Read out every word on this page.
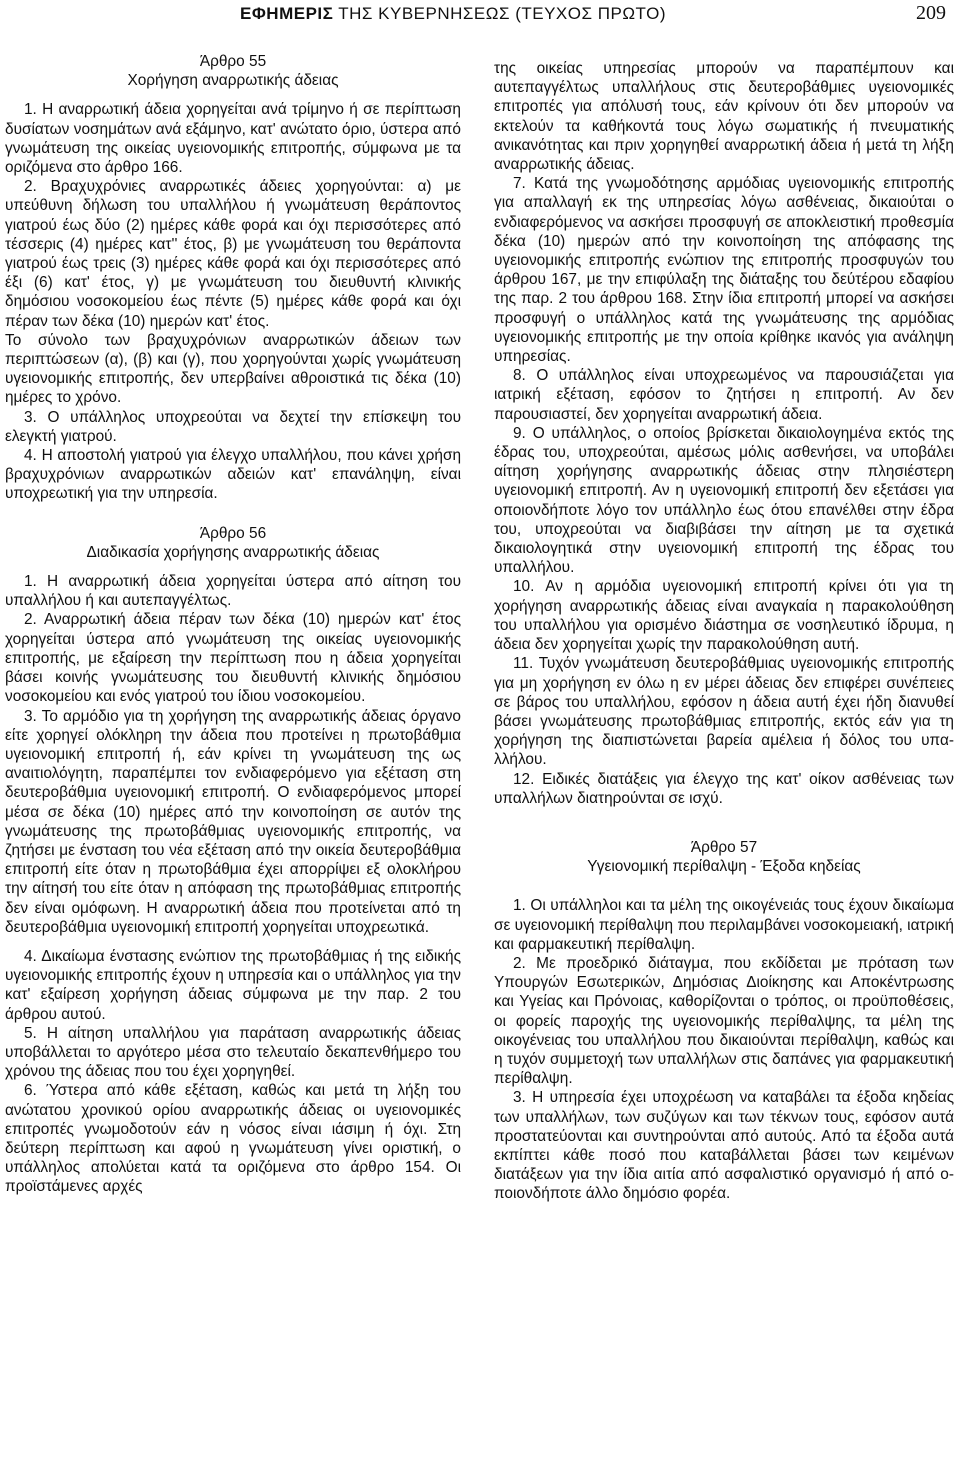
ΕΦΗΜΕΡΙΣ ΤΗΣ ΚΥΒΕΡΝΗΣΕΩΣ (ΤΕΥΧΟΣ ΠΡΩΤΟ)	209

Άρθρο 55

Χορήγηση αναρρωτικής άδειας

1. Η αναρρωτική άδεια χορηγείται ανά τρίμηνο ή σε περίπτωση δυσίατων νοσημάτων ανά εξάμηνο, κατ' ανώτατο όριο, ύστερα από γνωμάτευση της οικείας υγειονομικής επιτροπής, σύμφωνα με τα οριζόμενα στο άρθρο 166.

2. Βραχυχρόνιες αναρρωτικές άδειες χορηγούνται: α) με υπεύθυνη δήλωση του υπαλλήλου ή γνωμάτευση θεράποντος γιατρού έως δύο (2) ημέρες κάθε φορά και όχι περισσότερες από τέσσερις (4) ημέρες κατ'' έτος, β) με γνωμάτευση του θεράποντα γιατρού έως τρεις (3) ημέρες κάθε φορά και όχι περισσότερες από έξι (6) κατ' έτος, γ) με γνωμάτευση του διευθυντή κλινικής δημόσιου νοσοκομείου έως πέντε (5) ημέρες κάθε φορά και όχι πέραν των δέκα (10) ημερών κατ' έτος.

Το σύνολο των βραχυχρόνιων αναρρωτικών άδειων των περιπτώσεων (α), (β) και (γ), που χορηγούνται χωρίς γνωμάτευση υγειονομικής επιτροπής, δεν υπερβαίνει αθροιστικά τις δέκα (10) ημέρες το χρόνο.

3. Ο υπάλληλος υποχρεούται να δεχτεί την επίσκεψη του ελεγκτή γιατρού.

4. Η αποστολή γιατρού για έλεγχο υπαλλήλου, που κάνει χρήση βραχυχρόνιων αναρρωτικών αδειών κατ' επανάληψη, είναι υποχρεωτική για την υπηρεσία.

Άρθρο 56

Διαδικασία χορήγησης αναρρωτικής άδειας

1. Η αναρρωτική άδεια χορηγείται ύστερα από αίτηση του υπαλλήλου ή και αυτεπαγγέλτως.

2. Αναρρωτική άδεια πέραν των δέκα (10) ημερών κατ' έτος χορηγείται ύστερα από γνωμάτευση της οικείας υγειονομικής επιτροπής, με εξαίρεση την περίπτωση που η άδεια χορηγείται βάσει κοινής γνωμάτευσης του διευθυντή κλινικής δημόσιου νοσοκομείου και ενός γιατρού του ίδιου νοσοκομείου.

3. Το αρμόδιο για τη χορήγηση της αναρρωτικής άδειας όργανο είτε χορηγεί ολόκληρη την άδεια που προτείνει η πρωτοβάθμια υγειονομική επιτροπή ή, εάν κρίνει τη γνωμάτευση της ως αναιτιολόγητη, παραπέμπει τον ενδιαφερόμενο για εξέταση στη δευτεροβάθμια υγειονομική επιτροπή. Ο ενδιαφερόμενος μπορεί μέσα σε δέκα (10) ημέρες από την κοινοποίηση σε αυτόν της γνωμάτευσης της πρωτοβάθμιας υγειονομικής επιτροπής, να ζητήσει με ένσταση του νέα εξέταση από την οικεία δευτεροβάθμια επιτροπή είτε όταν η πρωτοβάθμια έχει απορρίψει εξ ολοκλήρου την αίτησή του είτε όταν η απόφαση της πρωτοβάθμιας επιτροπής δεν είναι ομόφωνη. Η αναρρωτική άδεια που προτείνεται από τη δευτεροβάθμια υγειονομική επιτροπή χορηγείται υποχρεωτικά.

4. Δικαίωμα ένστασης ενώπιον της πρωτοβάθμιας ή της ειδικής υγειονομικής επιτροπής έχουν η υπηρεσία και ο υπάλληλος για την κατ' εξαίρεση χορήγηση άδειας σύμφωνα με την παρ. 2 του άρθρου αυτού.

5. Η αίτηση υπαλλήλου για παράταση αναρρωτικής άδειας υποβάλλεται το αργότερο μέσα στο τελευταίο δεκαπενθήμερο του χρόνου της άδειας που του έχει χορηγηθεί.

6. Ύστερα από κάθε εξέταση, καθώς και μετά τη λήξη του ανώτατου χρονικού ορίου αναρρωτικής άδειας οι υγειονομικές επιτροπές γνωμοδοτούν εάν η νόσος είναι ιάσιμη ή όχι. Στη δεύτερη περίπτωση και αφού η γνωμάτευση γίνει οριστική, ο υπάλληλος απολύεται κατά τα οριζόμενα στο άρθρο 154. Οι προϊστάμενες αρχές

της οικείας υπηρεσίας μπορούν να παραπέμπουν και αυτεπαγγέλτως υπαλλήλους στις δευτεροβάθμιες υγειονομικές επιτροπές για απόλυσή τους, εάν κρίνουν ότι δεν μπορούν να εκτελούν τα καθήκοντά τους λόγω σωματικής ή πνευματικής ανικανότητας και πριν χορηγηθεί αναρρωτική άδεια ή μετά τη λήξη αναρρωτικής άδειας.

7. Κατά της γνωμοδότησης αρμόδιας υγειονομικής επιτροπής για απαλλαγή εκ της υπηρεσίας λόγω ασθένειας, δικαιούται ο ενδιαφερόμενος να ασκήσει προσφυγή σε αποκλειστική προθεσμία δέκα (10) ημερών από την κοινοποίηση της απόφασης της υγειονομικής επιτροπής ενώπιον της επιτροπής προσφυγών του άρθρου 167, με την επιφύλαξη της διάταξης του δεύτέρου εδαφίου της παρ. 2 του άρθρου 168. Στην ίδια επιτροπή μπορεί να ασκήσει προσφυγή ο υπάλληλος κατά της γνωμάτευσης της αρμόδιας υγειονομικής επιτροπής με την οποία κρίθηκε ικανός για ανάληψη υπηρεσίας.

8. Ο υπάλληλος είναι υποχρεωμένος να παρουσιάζεται για ιατρική εξέταση, εφόσον το ζητήσει η επιτροπή. Αν δεν παρουσιαστεί, δεν χορηγείται αναρρωτική άδεια.

9. Ο υπάλληλος, ο οποίος βρίσκεται δικαιολογημένα εκτός της έδρας του, υποχρεούται, αμέσως μόλις ασθενήσει, να υποβάλει αίτηση χορήγησης αναρρωτικής άδειας στην πλησιέστερη υγειονομική επιτροπή. Αν η υγειονομική επιτροπή δεν εξετάσει για οποιονδήποτε λόγο τον υπάλληλο έως ότου επανέλθει στην έδρα του, υποχρεούται να διαβιβάσει την αίτηση με τα σχετικά δικαιολογητικά στην υγειονομική επιτροπή της έδρας του υπαλλήλου.

10. Αν η αρμόδια υγειονομική επιτροπή κρίνει ότι για τη χορήγηση αναρρωτικής άδειας είναι αναγκαία η παρακολούθηση του υπαλλήλου για ορισμένο διάστημα σε νοσηλευτικό ίδρυμα, η άδεια δεν χορηγείται χωρίς την παρακολούθηση αυτή.

11. Τυχόν γνωμάτευση δευτεροβάθμιας υγειονομικής επιτροπής για μη χορήγηση εν όλω η εν μέρει άδειας δεν επιφέρει συνέπειες σε βάρος του υπαλλήλου, εφόσον η άδεια αυτή έχει ήδη διανυθεί βάσει γνωμάτευσης πρωτοβάθμιας επιτροπής, εκτός εάν για τη χορήγηση της διαπιστώνεται βαρεία αμέλεια ή δόλος του υπαλλήλου.

12. Ειδικές διατάξεις για έλεγχο της κατ' οίκον ασθένειας των υπαλλήλων διατηρούνται σε ισχύ.

Άρθρο 57

Υγειονομική περίθαλψη - Έξοδα κηδείας

1. Οι υπάλληλοι και τα μέλη της οικογένειάς τους έχουν δικαίωμα σε υγειονομική περίθαλψη που περιλαμβάνει νοσοκομειακή, ιατρική και φαρμακευτική περίθαλψη.

2. Με προεδρικό διάταγμα, που εκδίδεται με πρόταση των Υπουργών Εσωτερικών, Δημόσιας Διοίκησης και Αποκέντρωσης και Υγείας και Πρόνοιας, καθορίζονται ο τρόπος, οι προϋποθέσεις, οι φορείς παροχής της υγειονομικής περίθαλψης, τα μέλη της οικογένειας του υπαλλήλου που δικαιούνται περίθαλψη, καθώς και η τυχόν συμμετοχή των υπαλλήλων στις δαπάνες για φαρμακευτική περίθαλψη.

3. Η υπηρεσία έχει υποχρέωση να καταβάλει τα έξοδα κηδείας των υπαλλήλων, των συζύγων και των τέκνων τους, εφόσον αυτά προστατεύονται και συντηρούνται από αυτούς. Από τα έξοδα αυτά εκπίπτει κάθε ποσό που καταβάλλεται βάσει των κειμένων διατάξεων για την ίδια αιτία από ασφαλιστικό οργανισμό ή από οποιονδήποτε άλλο δημόσιο φορέα.
